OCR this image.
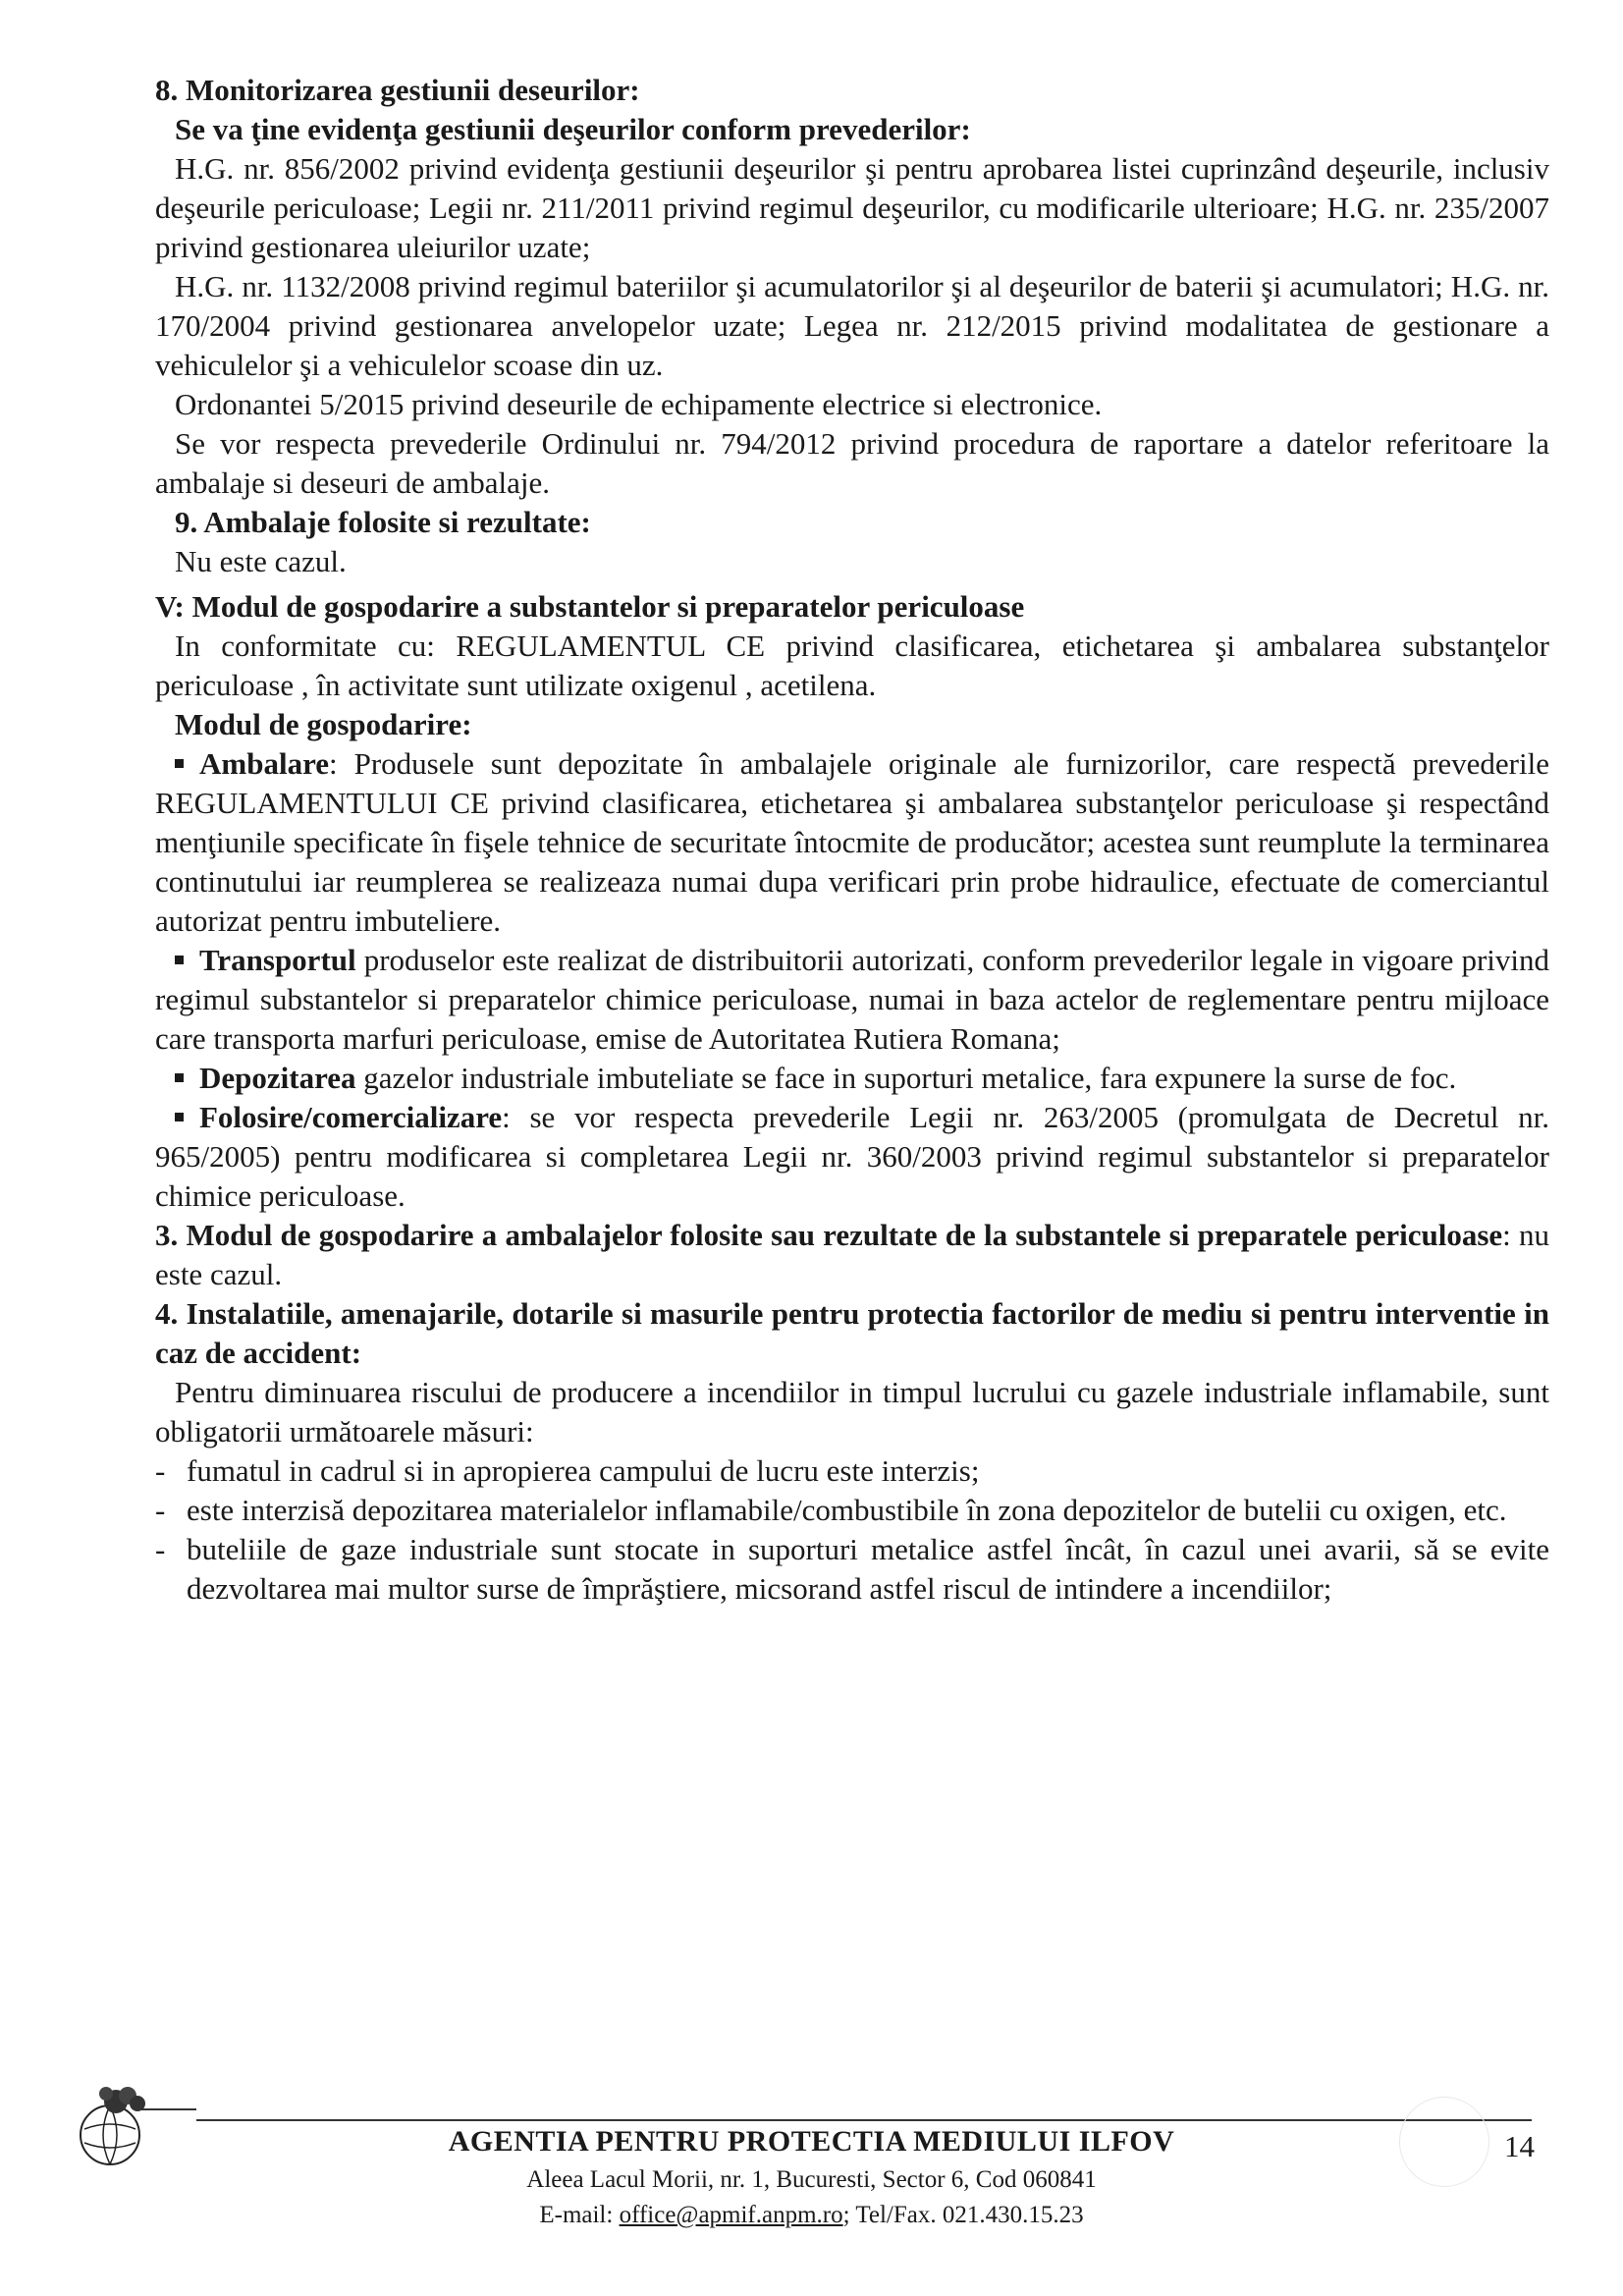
8. Monitorizarea gestiunii deseurilor:

Se va ţine evidenţa gestiunii deşeurilor conform prevederilor:

H.G. nr. 856/2002 privind evidenţa gestiunii deşeurilor şi pentru aprobarea listei cuprinzând deşeurile, inclusiv deşeurile periculoase; Legii nr. 211/2011 privind regimul deşeurilor, cu modificarile ulterioare; H.G. nr. 235/2007 privind gestionarea uleiurilor uzate;

H.G. nr. 1132/2008 privind regimul bateriilor şi acumulatorilor şi al deşeurilor de baterii şi acumulatori; H.G. nr. 170/2004 privind gestionarea anvelopelor uzate; Legea nr. 212/2015 privind modalitatea de gestionare a vehiculelor şi a vehiculelor scoase din uz.

Ordonantei 5/2015 privind deseurile de echipamente electrice si electronice.

Se vor respecta prevederile Ordinului nr. 794/2012 privind procedura de raportare a datelor referitoare la ambalaje si deseuri de ambalaje.

9. Ambalaje folosite si rezultate:

Nu este cazul.

V: Modul de gospodarire a substantelor si preparatelor periculoase

In conformitate cu: REGULAMENTUL CE privind clasificarea, etichetarea şi ambalarea substanţelor periculoase , în activitate sunt utilizate oxigenul , acetilena.

Modul de gospodarire:

Ambalare: Produsele sunt depozitate în ambalajele originale ale furnizorilor, care respectă prevederile REGULAMENTULUI CE privind clasificarea, etichetarea şi ambalarea substanţelor periculoase şi respectând menţiunile specificate în fişele tehnice de securitate întocmite de producător; acestea sunt reumplute la terminarea continutului iar reumplerea se realizeaza numai dupa verificari prin probe hidraulice, efectuate de comerciantul autorizat pentru imbuteliere.

Transportul produselor este realizat de distribuitorii autorizati, conform prevederilor legale in vigoare privind regimul substantelor si preparatelor chimice periculoase, numai in baza actelor de reglementare pentru mijloace care transporta marfuri periculoase, emise de Autoritatea Rutiera Romana;

Depozitarea gazelor industriale imbuteliate se face in suporturi metalice, fara expunere la surse de foc.

Folosire/comercializare: se vor respecta prevederile Legii nr. 263/2005 (promulgata de Decretul nr. 965/2005) pentru modificarea si completarea Legii nr. 360/2003 privind regimul substantelor si preparatelor chimice periculoase.

3. Modul de gospodarire a ambalajelor folosite sau rezultate de la substantele si preparatele periculoase: nu este cazul.

4. Instalatiile, amenajarile, dotarile si masurile pentru protectia factorilor de mediu si pentru interventie in caz de accident:

Pentru diminuarea riscului de producere a incendiilor in timpul lucrului cu gazele industriale inflamabile, sunt obligatorii următoarele măsuri:

- fumatul in cadrul si in apropierea campului de lucru este interzis;

- este interzisă depozitarea materialelor inflamabile/combustibile în zona depozitelor de butelii cu oxigen, etc.

- buteliile de gaze industriale sunt stocate in suporturi metalice astfel încât, în cazul unei avarii, să se evite dezvoltarea mai multor surse de împrăştiere, micsorand astfel riscul de intindere a incendiilor;

AGENTIA PENTRU PROTECTIA MEDIULUI ILFOV	14
Aleea Lacul Morii, nr. 1, Bucuresti, Sector 6, Cod 060841
E-mail: office@apmif.anpm.ro; Tel/Fax. 021.430.15.23
